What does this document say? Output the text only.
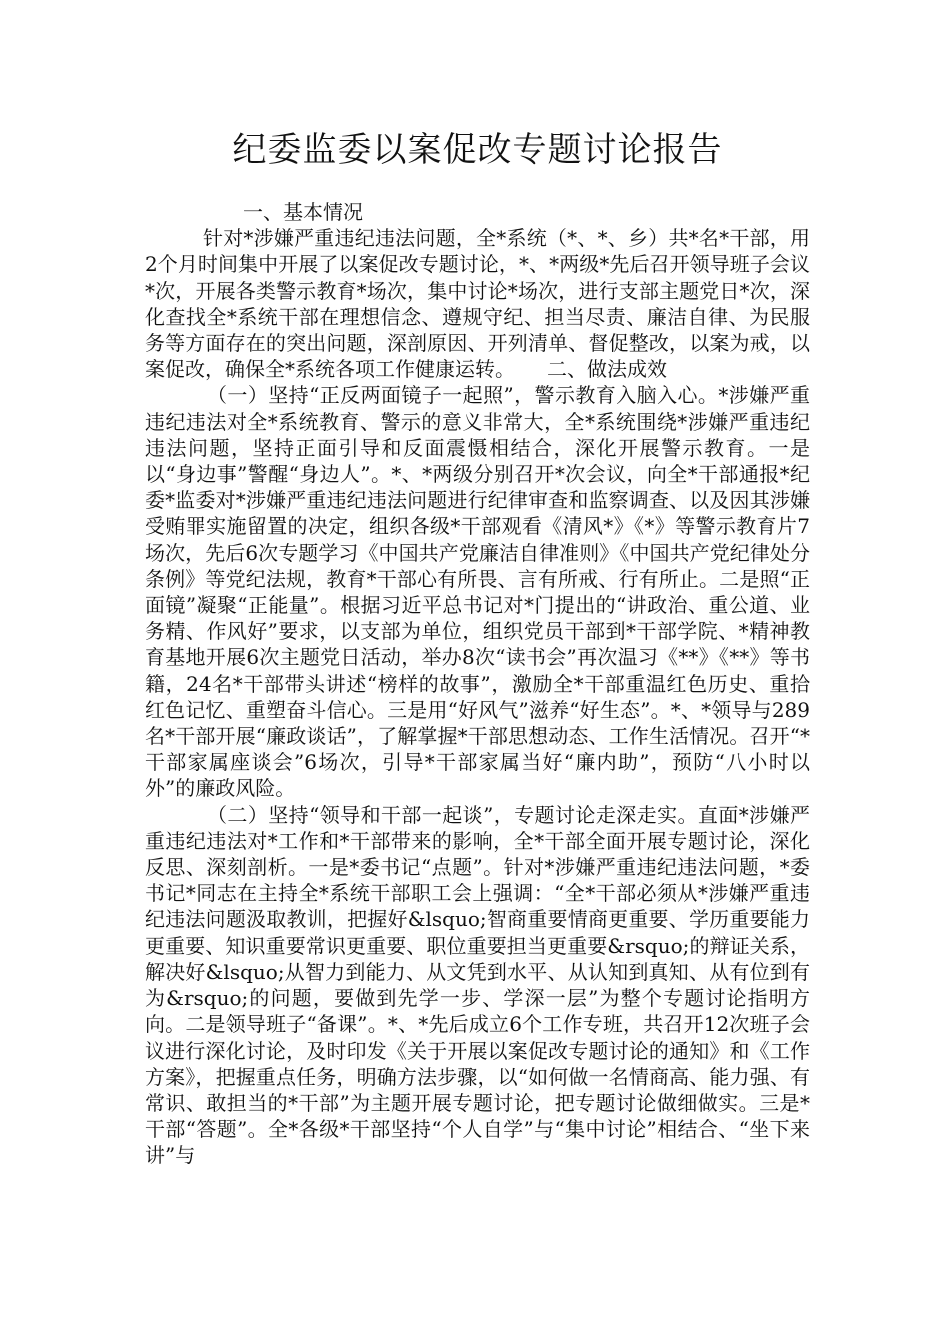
纪委监委以案促改专题讨论报告
一、基本情况

针对*涉嫌严重违纪违法问题，全*系统（*、*、乡）共*名*干部，用2个月时间集中开展了以案促改专题讨论，*、*两级*先后召开领导班子会议*次，开展各类警示教育*场次，集中讨论*场次，进行支部主题党日*次，深化查找全*系统干部在理想信念、遵规守纪、担当尽责、廉洁自律、为民服务等方面存在的突出问题，深剖原因、开列清单、督促整改，以案为戒，以案促改，确保全*系统各项工作健康运转。 二、做法成效

（一）坚持“正反两面镜子一起照”，警示教育入脑入心。*涉嫌严重违纪违法对全*系统教育、警示的意义非常大，全*系统围绕*涉嫌严重违纪违法问题，坚持正面引导和反面震慑相结合，深化开展警示教育。一是以“身边事”警醒“身边人”。*、*两级分别召开*次会议，向全*干部通报*纪委*监委对*涉嫌严重违纪违法问题进行纪律审查和监察调查、以及因其涉嫌受贿罪实施留置的决定，组织各级*干部观看《清风*》《*》等警示教育片7场次，先后6次专题学习《中国共产党廉洁自律准则》《中国共产党纪律处分条例》等党纪法规，教育*干部心有所畏、言有所戒、行有所止。二是照“正面镜”凝聚“正能量”。根据习近平总书记对*门提出的“讲政治、重公道、业务精、作风好”要求，以支部为单位，组织党员干部到*干部学院、*精神教育基地开展6次主题党日活动，举办8次“读书会”再次温习《**》《**》等书籍，24名*干部带头讲述“榜样的故事”，激励全*干部重温红色历史、重拾红色记忆、重塑奋斗信心。三是用“好风气”滋养“好生态”。*、*领导与289名*干部开展“廉政谈话”，了解掌握*干部思想动态、工作生活情况。召开“*干部家属座谈会”6场次，引导*干部家属当好“廉内助”，预防“八小时以外”的廉政风险。

（二）坚持“领导和干部一起谈”，专题讨论走深走实。直面*涉嫌严重违纪违法对*工作和*干部带来的影响，全*干部全面开展专题讨论，深化反思、深刻剖析。一是*委书记“点题”。针对*涉嫌严重违纪违法问题，*委书记*同志在主持全*系统干部职工会上强调：“全*干部必须从*涉嫌严重违纪违法问题汲取教训，把握好&lsquo;智商重要情商更重要、学历重要能力更重要、知识重要常识更重要、职位重要担当更重要&rsquo;的辩证关系，解决好&lsquo;从智力到能力、从文凭到水平、从认知到真知、从有位到有为&rsquo;的问题，要做到先学一步、学深一层”为整个专题讨论指明方向。二是领导班子“备课”。*、*先后成立6个工作专班，共召开12次班子会议进行深化讨论，及时印发《关于开展以案促改专题讨论的通知》和《工作方案》，把握重点任务，明确方法步骤，以“如何做一名情商高、能力强、有常识、敢担当的*干部”为主题开展专题讨论，把专题讨论做细做实。三是*干部“答题”。全*各级*干部坚持“个人自学”与“集中讨论”相结合、“坐下来讲”与
